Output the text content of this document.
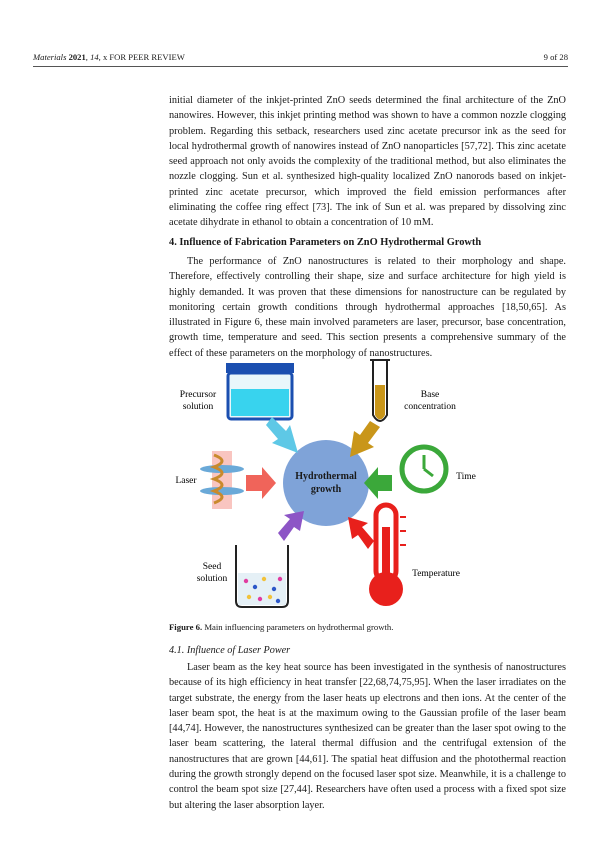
Materials 2021, 14, x FOR PEER REVIEW	9 of 28

initial diameter of the inkjet-printed ZnO seeds determined the final architecture of the ZnO nanowires. However, this inkjet printing method was shown to have a common nozzle clogging problem. Regarding this setback, researchers used zinc acetate precursor ink as the seed for local hydrothermal growth of nanowires instead of ZnO nanoparticles [57,72]. This zinc acetate seed approach not only avoids the complexity of the traditional method, but also eliminates the nozzle clogging. Sun et al. synthesized high-quality localized ZnO nanorods based on inkjet-printed zinc acetate precursor, which improved the field emission performances after eliminating the coffee ring effect [73]. The ink of Sun et al. was prepared by dissolving zinc acetate dihydrate in ethanol to obtain a concentration of 10 mM.

4. Influence of Fabrication Parameters on ZnO Hydrothermal Growth

The performance of ZnO nanostructures is related to their morphology and shape. Therefore, effectively controlling their shape, size and surface architecture for high yield is highly demanded. It was proven that these dimensions for nanostructure can be regulated by monitoring certain growth conditions through hydrothermal approaches [18,50,65]. As illustrated in Figure 6, these main involved parameters are laser, precursor, base concentration, growth time, temperature and seed. This section presents a comprehensive summary of the effect of these parameters on the morphology of nanostructures.

Hydrothermal
growth
Precursor
solution
Base
concentration
Laser	Time
Seed
solution	Temperature

Figure 6. Main influencing parameters on hydrothermal growth.

4.1. Influence of Laser Power

Laser beam as the key heat source has been investigated in the synthesis of nanostructures because of its high efficiency in heat transfer [22,68,74,75,95]. When the laser irradiates on the target substrate, the energy from the laser heats up electrons and then ions. At the center of the laser beam spot, the heat is at the maximum owing to the Gaussian profile of the laser beam [44,74]. However, the nanostructures synthesized can be greater than the laser spot owing to the laser beam scattering, the lateral thermal diffusion and the centrifugal extension of the nanostructures that are grown [44,61]. The spatial heat diffusion and the photothermal reaction during the growth strongly depend on the focused laser spot size. Meanwhile, it is a challenge to control the beam spot size [27,44]. Researchers have often used a process with a fixed spot size but altering the laser absorption layer.
